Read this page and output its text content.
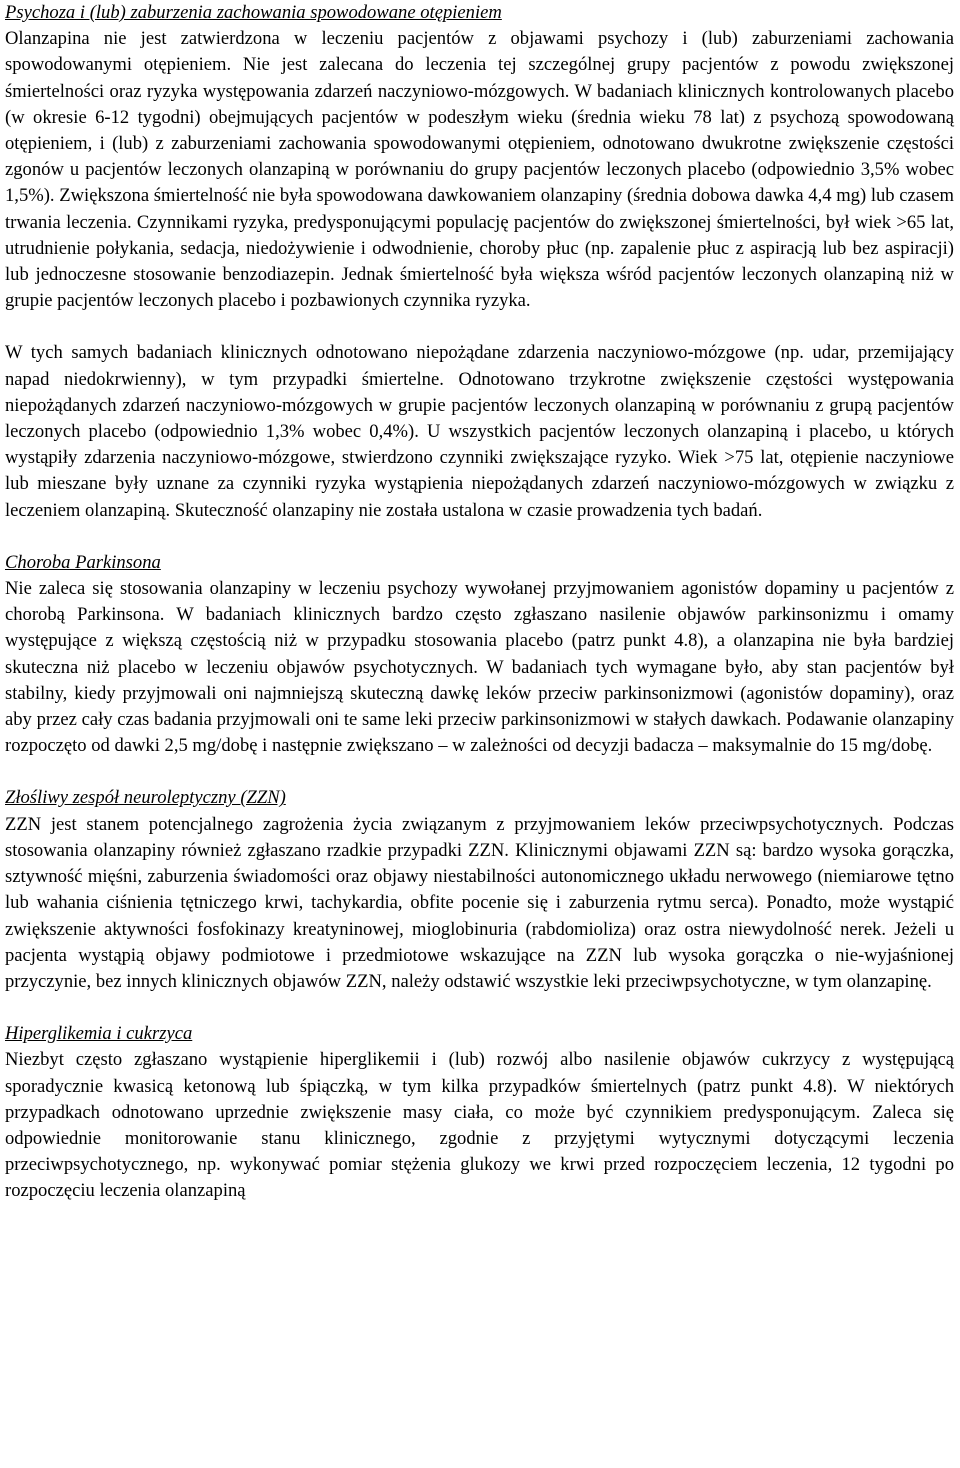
Psychoza i (lub) zaburzenia zachowania spowodowane otępieniem

Olanzapina nie jest zatwierdzona w leczeniu pacjentów z objawami psychozy i (lub) zaburzeniami zachowania spowodowanymi otępieniem. Nie jest zalecana do leczenia tej szczególnej grupy pacjentów z powodu zwiększonej śmiertelności oraz ryzyka występowania zdarzeń naczyniowo-mózgowych. W badaniach klinicznych kontrolowanych placebo (w okresie 6-12 tygodni) obejmujących pacjentów w podeszłym wieku (średnia wieku 78 lat) z psychozą spowodowaną otępieniem, i (lub) z zaburzeniami zachowania spowodowanymi otępieniem, odnotowano dwukrotne zwiększenie częstości zgonów u pacjentów leczonych olanzapiną w porównaniu do grupy pacjentów leczonych placebo (odpowiednio 3,5% wobec 1,5%). Zwiększona śmiertelność nie była spowodowana dawkowaniem olanzapiny (średnia dobowa dawka 4,4 mg) lub czasem trwania leczenia. Czynnikami ryzyka, predysponującymi populację pacjentów do zwiększonej śmiertelności, był wiek >65 lat, utrudnienie połykania, sedacja, niedożywienie i odwodnienie, choroby płuc (np. zapalenie płuc z aspiracją lub bez aspiracji) lub jednoczesne stosowanie benzodiazepin. Jednak śmiertelność była większa wśród pacjentów leczonych olanzapiną niż w grupie pacjentów leczonych placebo i pozbawionych czynnika ryzyka.

W tych samych badaniach klinicznych odnotowano niepożądane zdarzenia naczyniowo-mózgowe (np. udar, przemijający napad niedokrwienny), w tym przypadki śmiertelne. Odnotowano trzykrotne zwiększenie częstości występowania niepożądanych zdarzeń naczyniowo-mózgowych w grupie pacjentów leczonych olanzapiną w porównaniu z grupą pacjentów leczonych placebo (odpowiednio 1,3% wobec 0,4%). U wszystkich pacjentów leczonych olanzapiną i placebo, u których wystąpiły zdarzenia naczyniowo-mózgowe, stwierdzono czynniki zwiększające ryzyko. Wiek >75 lat, otępienie naczyniowe lub mieszane były uznane za czynniki ryzyka wystąpienia niepożądanych zdarzeń naczyniowo-mózgowych w związku z leczeniem olanzapiną. Skuteczność olanzapiny nie została ustalona w czasie prowadzenia tych badań.

Choroba Parkinsona

Nie zaleca się stosowania olanzapiny w leczeniu psychozy wywołanej przyjmowaniem agonistów dopaminy u pacjentów z chorobą Parkinsona. W badaniach klinicznych bardzo często zgłaszano nasilenie objawów parkinsonizmu i omamy występujące z większą częstością niż w przypadku stosowania placebo (patrz punkt 4.8), a olanzapina nie była bardziej skuteczna niż placebo w leczeniu objawów psychotycznych. W badaniach tych wymagane było, aby stan pacjentów był stabilny, kiedy przyjmowali oni najmniejszą skuteczną dawkę leków przeciw parkinsonizmowi (agonistów dopaminy), oraz aby przez cały czas badania przyjmowali oni te same leki przeciw parkinsonizmowi w stałych dawkach. Podawanie olanzapiny rozpoczęto od dawki 2,5 mg/dobę i następnie zwiększano – w zależności od decyzji badacza – maksymalnie do 15 mg/dobę.

Złośliwy zespół neuroleptyczny (ZZN)

ZZN jest stanem potencjalnego zagrożenia życia związanym z przyjmowaniem leków przeciwpsychotycznych. Podczas stosowania olanzapiny również zgłaszano rzadkie przypadki ZZN. Klinicznymi objawami ZZN są: bardzo wysoka gorączka, sztywność mięśni, zaburzenia świadomości oraz objawy niestabilności autonomicznego układu nerwowego (niemiarowe tętno lub wahania ciśnienia tętniczego krwi, tachykardia, obfite pocenie się i zaburzenia rytmu serca). Ponadto, może wystąpić zwiększenie aktywności fosfokinazy kreatyninowej, mioglobinuria (rabdomioliza) oraz ostra niewydolność nerek. Jeżeli u pacjenta wystąpią objawy podmiotowe i przedmiotowe wskazujące na ZZN lub wysoka gorączka o nie-wyjaśnionej przyczynie, bez innych klinicznych objawów ZZN, należy odstawić wszystkie leki przeciwpsychotyczne, w tym olanzapinę.

Hiperglikemia i cukrzyca

Niezbyt często zgłaszano wystąpienie hiperglikemii i (lub) rozwój albo nasilenie objawów cukrzycy z występującą sporadycznie kwasicą ketonową lub śpiączką, w tym kilka przypadków śmiertelnych (patrz punkt 4.8). W niektórych przypadkach odnotowano uprzednie zwiększenie masy ciała, co może być czynnikiem predysponującym. Zaleca się odpowiednie monitorowanie stanu klinicznego, zgodnie z przyjętymi wytycznymi dotyczącymi leczenia przeciwpsychotycznego, np. wykonywać pomiar stężenia glukozy we krwi przed rozpoczęciem leczenia, 12 tygodni po rozpoczęciu leczenia olanzapiną
